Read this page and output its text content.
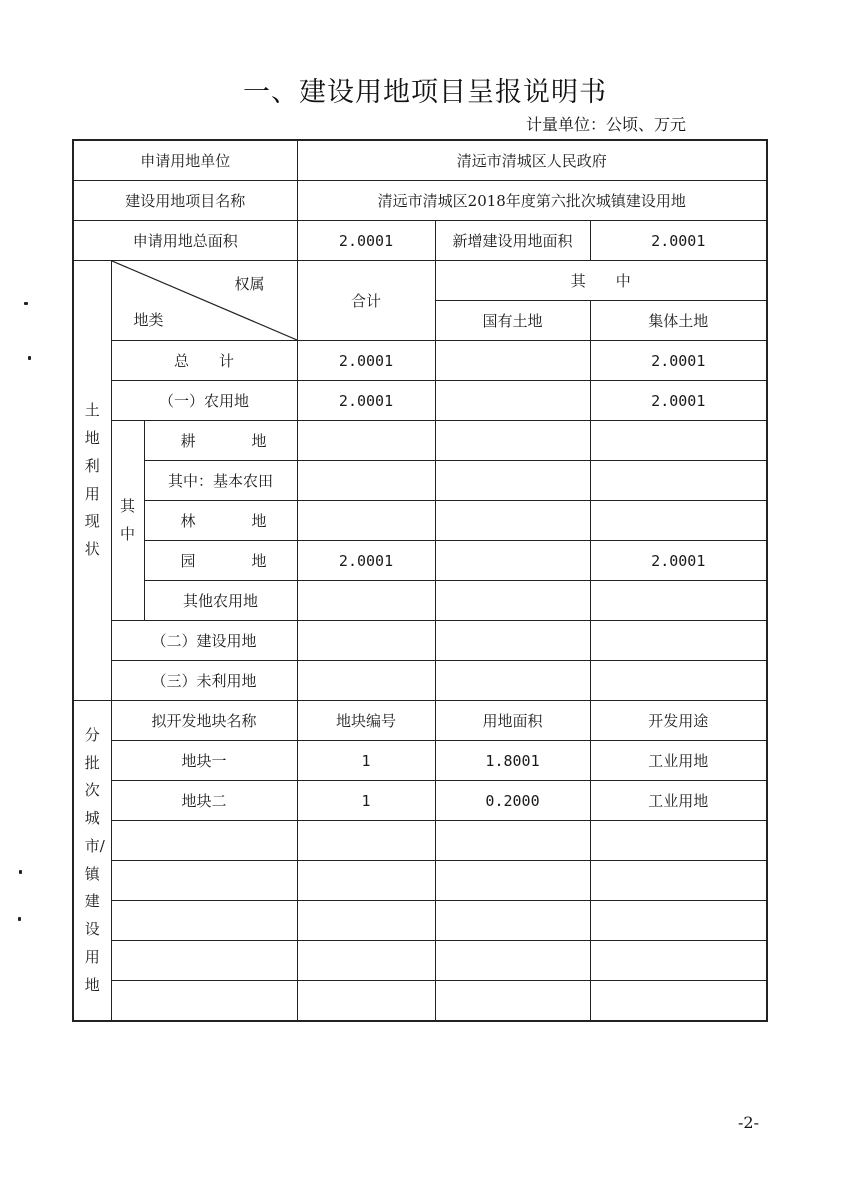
一、建设用地项目呈报说明书
计量单位：公顷、万元
申请用地单位			清远市清城区人民政府		
建设用地项目名称			清远市清城区2018年度第六批次城镇建设用地		
申请用地总面积			2.0001	新增建设用地面积	2.0001
土地利用现状	权属
地类		合计	其　　中	
				国有土地	集体土地
	总　　计		2.0001		2.0001
	（一）农用地		2.0001		2.0001
	其中	耕 地			

		其中：基本农田			

		林 地			

		园 地	2.0001		2.0001
		其他农用地			
	（二）建设用地				
	（三）未利用地				
分批次城市/镇建设用地	拟开发地块名称		地块编号	用地面积	开发用途
	地块一		1	1.8001	工业用地
	地块二		1	0.2000	工业用地

-2-
